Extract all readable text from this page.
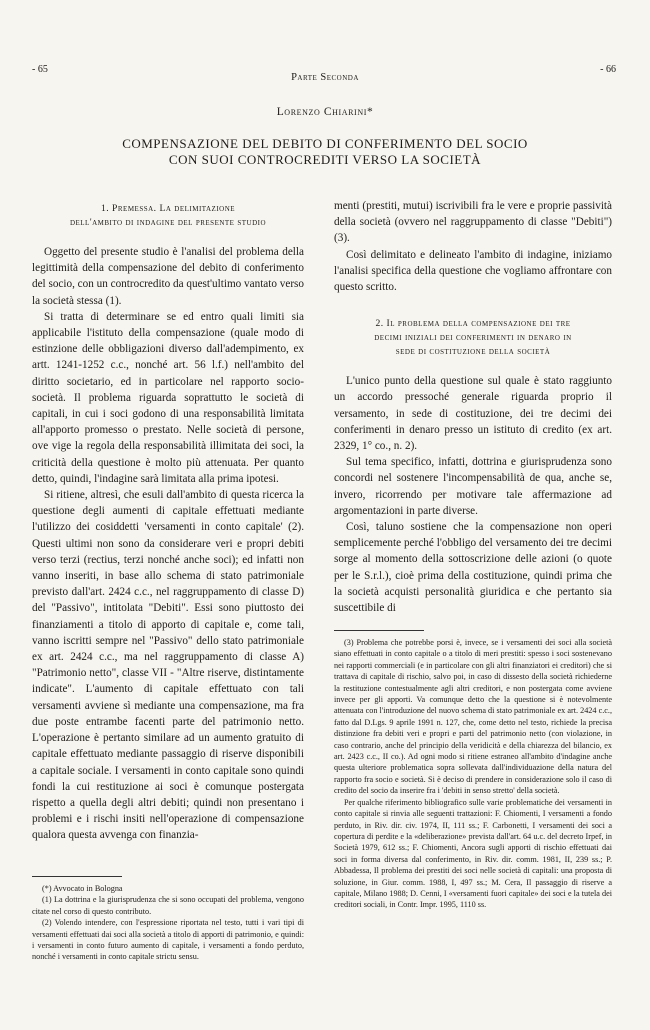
- 65	- 66
Parte Seconda
Lorenzo Chiarini*
COMPENSAZIONE DEL DEBITO DI CONFERIMENTO DEL SOCIO
CON SUOI CONTROCREDITI VERSO LA SOCIETÀ
1. Premessa. La delimitazione
dell'ambito di indagine del presente studio

Oggetto del presente studio è l'analisi del problema della legittimità della compensazione del debito di conferimento del socio, con un controcredito da quest'ultimo vantato verso la società stessa (1).

Si tratta di determinare se ed entro quali limiti sia applicabile l'istituto della compensazione (quale modo di estinzione delle obbligazioni diverso dall'adempimento, ex artt. 1241-1252 c.c., nonché art. 56 l.f.) nell'ambito del diritto societario, ed in particolare nel rapporto socio-società. Il problema riguarda soprattutto le società di capitali, in cui i soci godono di una responsabilità limitata all'apporto promesso o prestato. Nelle società di persone, ove vige la regola della responsabilità illimitata dei soci, la criticità della questione è molto più attenuata. Per quanto detto, quindi, l'indagine sarà limitata alla prima ipotesi.

Si ritiene, altresì, che esuli dall'ambito di questa ricerca la questione degli aumenti di capitale effettuati mediante l'utilizzo dei cosiddetti 'versamenti in conto capitale' (2). Questi ultimi non sono da considerare veri e propri debiti verso terzi (rectius, terzi nonché anche soci); ed infatti non vanno inseriti, in base allo schema di stato patrimoniale previsto dall'art. 2424 c.c., nel raggruppamento di classe D) del "Passivo", intitolata "Debiti". Essi sono piuttosto dei finanziamenti a titolo di apporto di capitale e, come tali, vanno iscritti sempre nel "Passivo" dello stato patrimoniale ex art. 2424 c.c., ma nel raggruppamento di classe A) "Patrimonio netto", classe VII - "Altre riserve, distintamente indicate". L'aumento di capitale effettuato con tali versamenti avviene sì mediante una compensazione, ma fra due poste entrambe facenti parte del patrimonio netto. L'operazione è pertanto similare ad un aumento gratuito di capitale effettuato mediante passaggio di riserve disponibili a capitale sociale. I versamenti in conto capitale sono quindi fondi la cui restituzione ai soci è comunque postergata rispetto a quella degli altri debiti; quindi non presentano i problemi e i rischi insiti nell'operazione di compensazione qualora questa avvenga con finanzia-

menti (prestiti, mutui) iscrivibili fra le vere e proprie passività della società (ovvero nel raggruppamento di classe "Debiti") (3).

Così delimitato e delineato l'ambito di indagine, iniziamo l'analisi specifica della questione che vogliamo affrontare con questo scritto.

2. Il problema della compensazione dei tre
decimi iniziali dei conferimenti in denaro in
sede di costituzione della società

L'unico punto della questione sul quale è stato raggiunto un accordo pressoché generale riguarda proprio il versamento, in sede di costituzione, dei tre decimi dei conferimenti in denaro presso un istituto di credito (ex art. 2329, 1° co., n. 2).

Sul tema specifico, infatti, dottrina e giurisprudenza sono concordi nel sostenere l'incompensabilità de qua, anche se, invero, ricorrendo per motivare tale affermazione ad argomentazioni in parte diverse.

Così, taluno sostiene che la compensazione non operi semplicemente perché l'obbligo del versamento dei tre decimi sorge al momento della sottoscrizione delle azioni (o quote per le S.r.l.), cioè prima della costituzione, quindi prima che la società acquisti personalità giuridica e che pertanto sia suscettibile di

(*) Avvocato in Bologna

(1) La dottrina e la giurisprudenza che si sono occupati del problema, vengono citate nel corso di questo contributo.

(2) Volendo intendere, con l'espressione riportata nel testo, tutti i vari tipi di versamenti effettuati dai soci alla società a titolo di apporti di patrimonio, e quindi: i versamenti in conto futuro aumento di capitale, i versamenti a fondo perduto, nonché i versamenti in conto capitale strictu sensu.

(3) Problema che potrebbe porsi è, invece, se i versamenti dei soci alla società siano effettuati in conto capitale o a titolo di meri prestiti: spesso i soci sostenevano nei rapporti commerciali (e in particolare con gli altri finanziatori ei creditori) che si trattava di capitale di rischio, salvo poi, in caso di dissesto della società richiederne la restituzione contestualmente agli altri creditori, e non postergata come avviene invece per gli apporti. Va comunque detto che la questione si è notevolmente attenuata con l'introduzione del nuovo schema di stato patrimoniale ex art. 2424 c.c., fatto dal D.Lgs. 9 aprile 1991 n. 127, che, come detto nel testo, richiede la precisa distinzione fra debiti veri e propri e parti del patrimonio netto (con violazione, in caso contrario, anche del principio della veridicità e della chiarezza del bilancio, ex art. 2423 c.c., II co.). Ad ogni modo si ritiene estraneo all'ambito d'indagine anche questa ulteriore problematica sopra sollevata dall'individuazione della natura del rapporto fra socio e società. Si è deciso di prendere in considerazione solo il caso di credito del socio da inserire fra i 'debiti in senso stretto' della società.

Per qualche riferimento bibliografico sulle varie problematiche dei versamenti in conto capitale si rinvia alle seguenti trattazioni: F. Chiomenti, I versamenti a fondo perduto, in Riv. dir. civ. 1974, II, 111 ss.; F. Carbonetti, I versamenti dei soci a copertura di perdite e la «deliberazione» prevista dall'art. 64 u.c. del decreto Irpef, in Società 1979, 612 ss.; F. Chiomenti, Ancora sugli apporti di rischio effettuati dai soci in forma diversa dal conferimento, in Riv. dir. comm. 1981, II, 239 ss.; P. Abbadessa, Il problema dei prestiti dei soci nelle società di capitali: una proposta di soluzione, in Giur. comm. 1988, I, 497 ss.; M. Cera, Il passaggio di riserve a capitale, Milano 1988; D. Cenni, I «versamenti fuori capitale» dei soci e la tutela dei creditori sociali, in Contr. Impr. 1995, 1110 ss.
